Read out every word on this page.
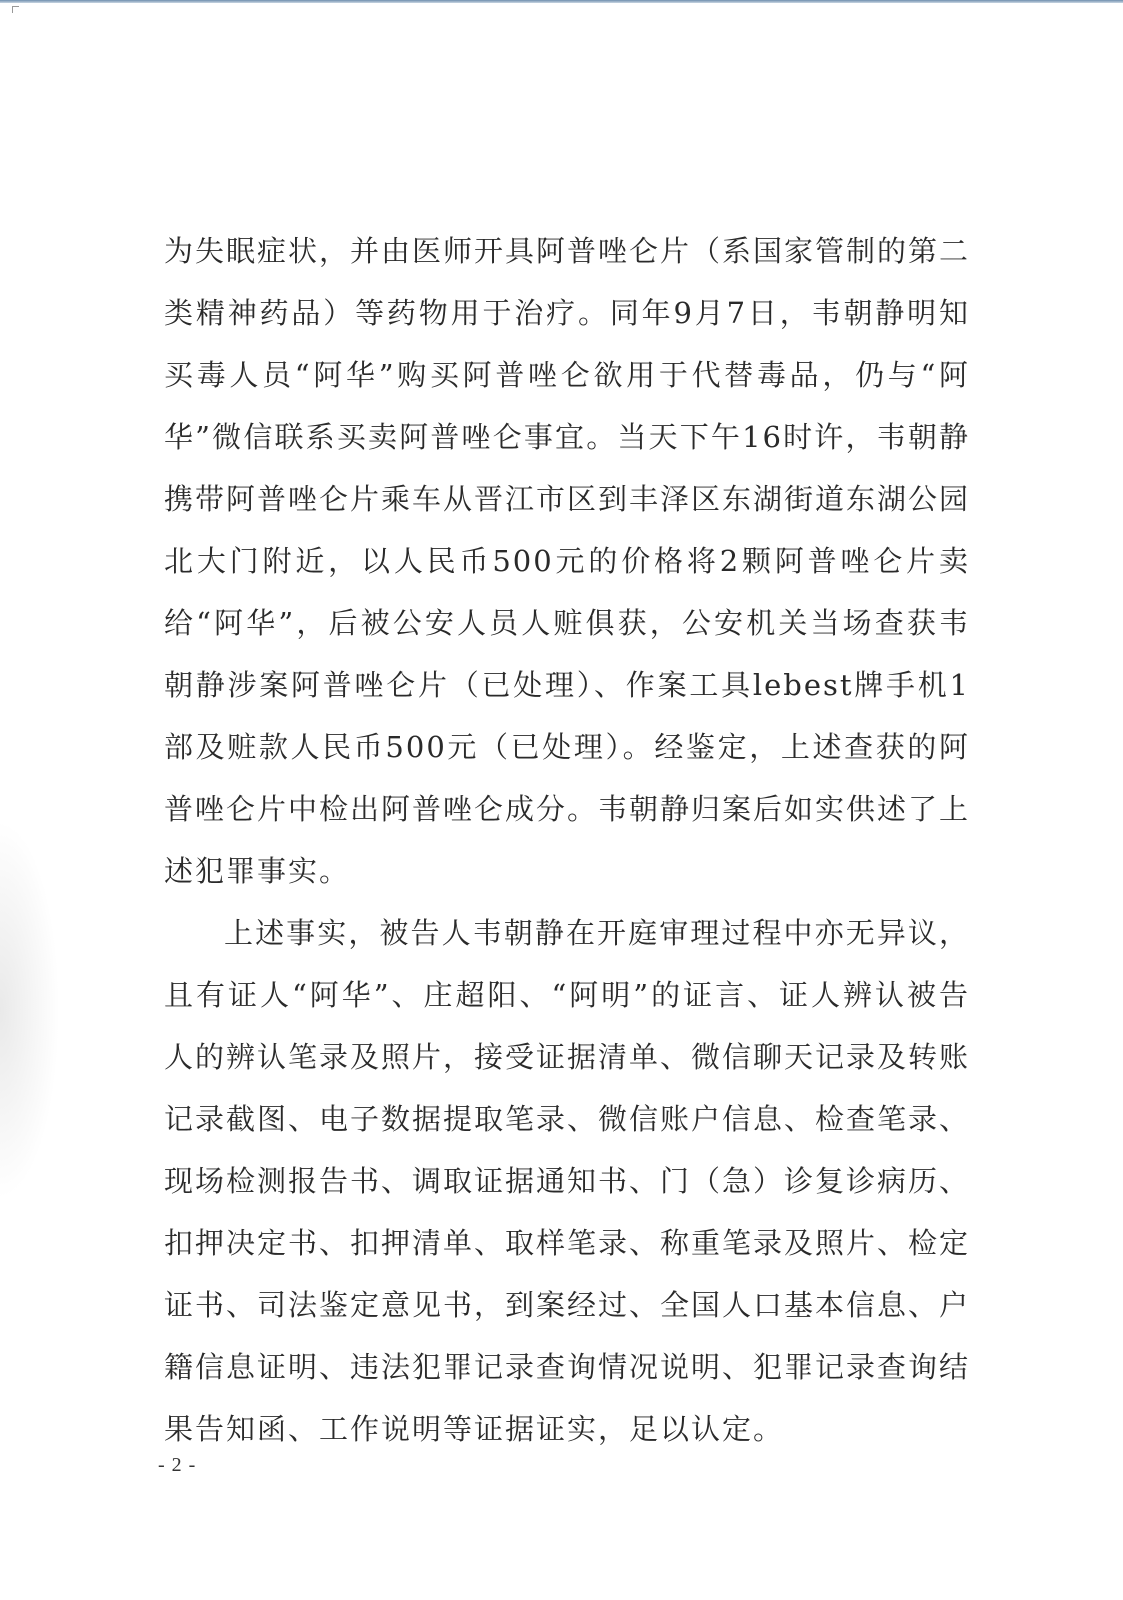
为失眠症状，并由医师开具阿普唑仑片（系国家管制的第二类精神药品）等药物用于治疗。同年9月7日，韦朝静明知买毒人员“阿华”购买阿普唑仑欲用于代替毒品，仍与“阿华”微信联系买卖阿普唑仑事宜。当天下午16时许，韦朝静携带阿普唑仑片乘车从晋江市区到丰泽区东湖街道东湖公园北大门附近，以人民币500元的价格将2颗阿普唑仑片卖给“阿华”，后被公安人员人赃俱获，公安机关当场查获韦朝静涉案阿普唑仑片（已处理）、作案工具lebest牌手机1部及赃款人民币500元（已处理）。经鉴定，上述查获的阿普唑仑片中检出阿普唑仑成分。韦朝静归案后如实供述了上述犯罪事实。

上述事实，被告人韦朝静在开庭审理过程中亦无异议，且有证人“阿华”、庄超阳、“阿明”的证言、证人辨认被告人的辨认笔录及照片，接受证据清单、微信聊天记录及转账记录截图、电子数据提取笔录、微信账户信息、检查笔录、现场检测报告书、调取证据通知书、门（急）诊复诊病历、扣押决定书、扣押清单、取样笔录、称重笔录及照片、检定证书、司法鉴定意见书，到案经过、全国人口基本信息、户籍信息证明、违法犯罪记录查询情况说明、犯罪记录查询结果告知函、工作说明等证据证实，足以认定。

- 2 -
